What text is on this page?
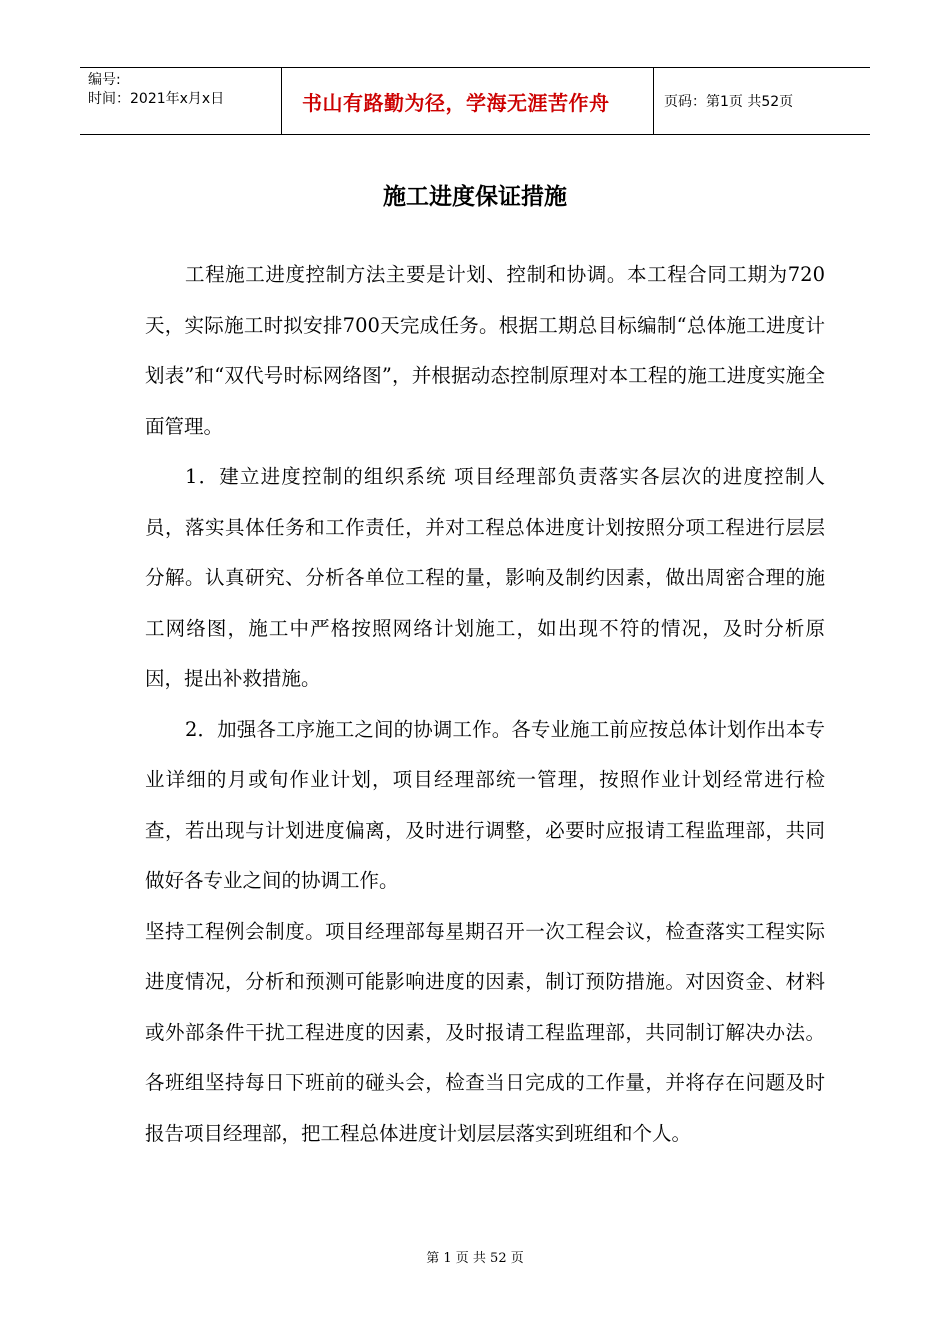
编号:
时间：2021年x月x日	书山有路勤为径，学海无涯苦作舟	页码：第1页 共52页
施工进度保证措施

工程施工进度控制方法主要是计划、控制和协调。本工程合同工期为720天，实际施工时拟安排700天完成任务。根据工期总目标编制“总体施工进度计划表”和“双代号时标网络图”，并根据动态控制原理对本工程的施工进度实施全面管理。

1．建立进度控制的组织系统 项目经理部负责落实各层次的进度控制人员，落实具体任务和工作责任，并对工程总体进度计划按照分项工程进行层层分解。认真研究、分析各单位工程的量，影响及制约因素，做出周密合理的施工网络图，施工中严格按照网络计划施工，如出现不符的情况，及时分析原因，提出补救措施。

2．加强各工序施工之间的协调工作。各专业施工前应按总体计划作出本专业详细的月或旬作业计划，项目经理部统一管理，按照作业计划经常进行检查，若出现与计划进度偏离，及时进行调整，必要时应报请工程监理部，共同做好各专业之间的协调工作。

坚持工程例会制度。项目经理部每星期召开一次工程会议，检查落实工程实际进度情况，分析和预测可能影响进度的因素，制订预防措施。对因资金、材料或外部条件干扰工程进度的因素，及时报请工程监理部，共同制订解决办法。各班组坚持每日下班前的碰头会，检查当日完成的工作量，并将存在问题及时报告项目经理部，把工程总体进度计划层层落实到班组和个人。

第 1 页 共 52 页
